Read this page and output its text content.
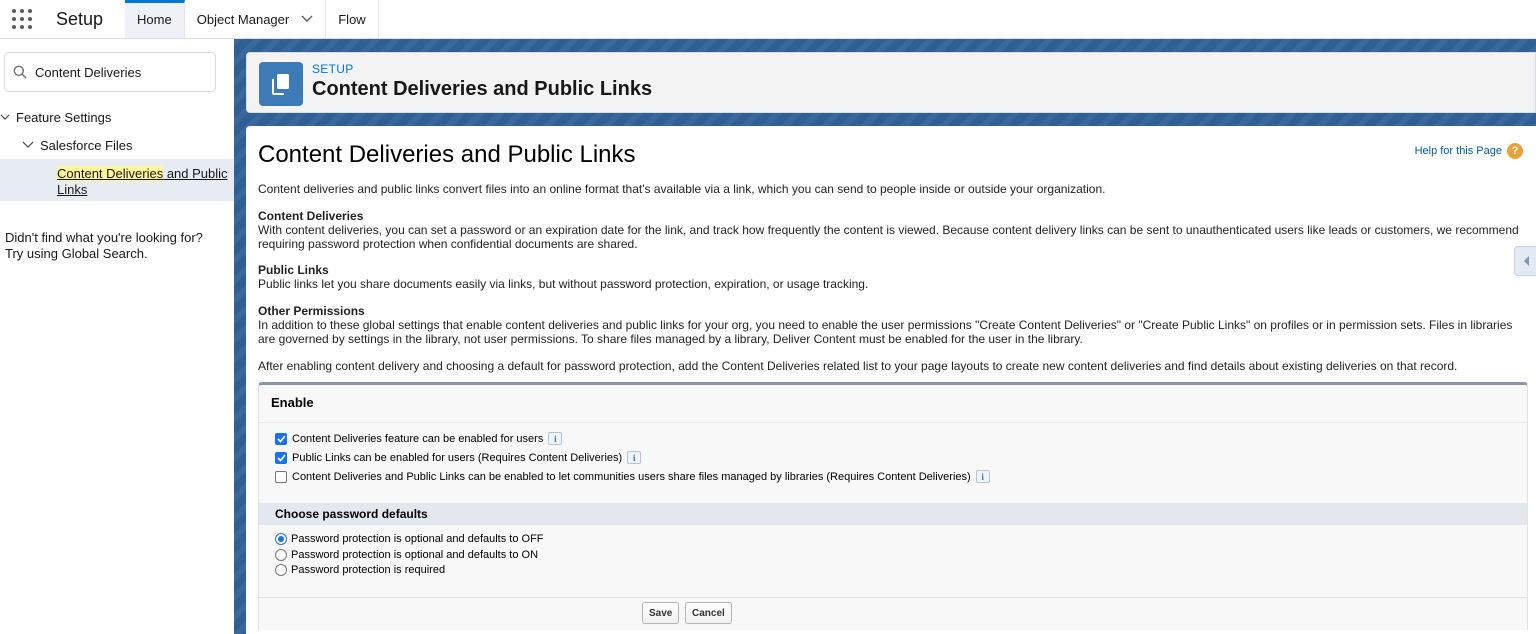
Setup	Home Object Manager	Flow
Content Deliveries
Feature Settings
Salesforce Files
Content Deliveries and Public Links
Didn't find what you're looking for?
Try using Global Search.
SETUP
Content Deliveries and Public Links
Content Deliveries and Public Links	Help for this Page ?
Content deliveries and public links convert files into an online format that's available via a link, which you can send to people inside or outside your organization.
Content Deliveries
With content deliveries, you can set a password or an expiration date for the link, and track how frequently the content is viewed. Because content delivery links can be sent to unauthenticated users like leads or customers, we recommend requiring password protection when confidential documents are shared.
Public Links
Public links let you share documents easily via links, but without password protection, expiration, or usage tracking.
Other Permissions
In addition to these global settings that enable content deliveries and public links for your org, you need to enable the user permissions "Create Content Deliveries" or "Create Public Links" on profiles or in permission sets. Files in libraries are governed by settings in the library, not user permissions. To share files managed by a library, Deliver Content must be enabled for the user in the library.
After enabling content delivery and choosing a default for password protection, add the Content Deliveries related list to your page layouts to create new content deliveries and find details about existing deliveries on that record.
Enable
Content Deliveries feature can be enabled for users	i
Public Links can be enabled for users (Requires Content Deliveries)	i
Content Deliveries and Public Links can be enabled to let communities users share files managed by libraries (Requires Content Deliveries)	i
Choose password defaults
Password protection is optional and defaults to OFF
Password protection is optional and defaults to ON
Password protection is required
Save	Cancel
